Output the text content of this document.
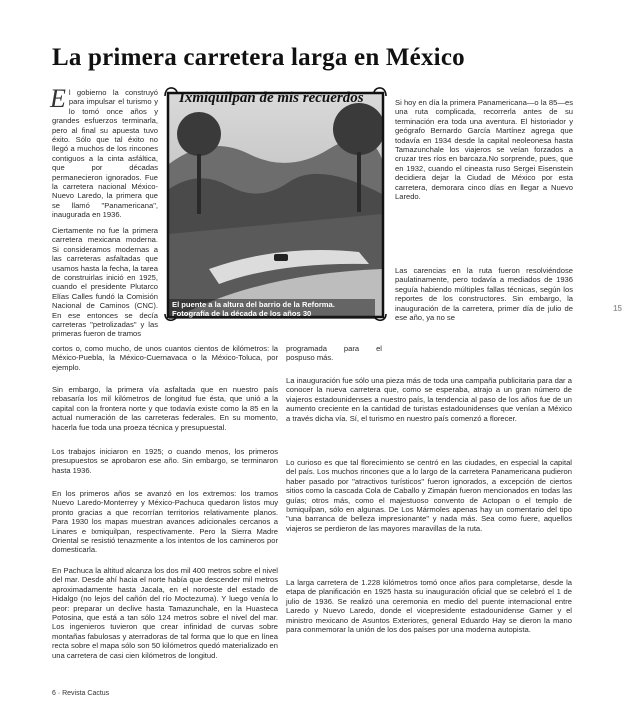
La primera carretera larga en México
E l gobierno la construyó para impulsar el turismo y lo tomó once años y grandes esfuerzos terminarla, pero al final su apuesta tuvo éxito. Sólo que tal éxito no llegó a muchos de los rincones contiguos a la cinta asfáltica, que por décadas permanecieron ignorados. Fue la carretera nacional México-Nuevo Laredo, la primera que se llamó "Panamericana", inaugurada en 1936.
Ciertamente no fue la primera carretera mexicana moderna. Si consideramos modernas a las carreteras asfaltadas que usamos hasta la fecha, la tarea de construirlas inició en 1925, cuando el presidente Plutarco Elías Calles fundó la Comisión Nacional de Caminos (CNC). En ese entonces se decía carreteras "petrolizadas" y las primeras fueron de tramos
Ixmiquilpan de mis recuerdos
El puente a la altura del barrio de la Reforma. Fotografía de la década de los años 30
programada para el pospuso más.
Si hoy en día la primera Panamericana—o la 85—es una ruta complicada, recorrerla antes de su terminación era toda una aventura. El historiador y geógrafo Bernardo García Martínez agrega que todavía en 1934 desde la capital neoleonesa hasta Tamazunchale los viajeros se veían forzados a cruzar tres ríos en barcaza.No sorprende, pues, que en 1932, cuando el cineasta ruso Sergei Eisenstein decidiera dejar la Ciudad de México por esta carretera, demorara cinco días en llegar a Nuevo Laredo.
Las carencias en la ruta fueron resolviéndose paulatinamente, pero todavía a mediados de 1936 seguía habiendo múltiples fallas técnicas, según los reportes de los constructores. Sin embargo, la inauguración de la carretera, primer día de julio de ese año, ya no se
cortos o, como mucho, de unos cuantos cientos de kilómetros: la México-Puebla, la México-Cuernavaca o la México-Toluca, por ejemplo.
Sin embargo, la primera vía asfaltada que en nuestro país rebasaría los mil kilómetros de longitud fue ésta, que unió a la capital con la frontera norte y que todavía existe como la 85 en la actual numeración de las carreteras federales. En su momento, hacerla fue toda una proeza técnica y presupuestal.
Los trabajos iniciaron en 1925; o cuando menos, los primeros presupuestos se aprobaron ese año. Sin embargo, se terminaron hasta 1936.
En los primeros años se avanzó en los extremos: los tramos Nuevo Laredo-Monterrey y México-Pachuca quedaron listos muy pronto gracias a que recorrían territorios relativamente planos. Para 1930 los mapas muestran avances adicionales cercanos a Linares e Ixmiquilpan, respectivamente. Pero la Sierra Madre Oriental se resistió tenazmente a los intentos de los camineros por domesticarla.
En Pachuca la altitud alcanza los dos mil 400 metros sobre el nivel del mar. Desde ahí hacia el norte había que descender mil metros aproximadamente hasta Jacala, en el noroeste del estado de Hidalgo (no lejos del cañón del río Moctezuma). Y luego venía lo peor: preparar un declive hasta Tamazunchale, en la Huasteca Potosina, que está a tan sólo 124 metros sobre el nivel del mar. Los ingenieros tuvieron que crear infinidad de curvas sobre montañas fabulosas y aterradoras de tal forma que lo que en línea recta sobre el mapa sólo son 50 kilómetros quedó materializado en una carretera de casi cien kilómetros de longitud.
La inauguración fue sólo una pieza más de toda una campaña publicitaria para dar a conocer la nueva carretera que, como se esperaba, atrajo a un gran número de viajeros estadounidenses a nuestro país, la tendencia al paso de los años fue de un aumento creciente en la cantidad de turistas estadounidenses que venían a México a través dicha vía. Sí, el turismo en nuestro país comenzó a florecer.
Lo curioso es que tal florecimiento se centró en las ciudades, en especial la capital del país. Los muchos rincones que a lo largo de la carretera Panamericana pudieron haber pasado por "atractivos turísticos" fueron ignorados, a excepción de ciertos sitios como la cascada Cola de Caballo y Zimapán fueron mencionados en todas las guías; otros más, como el majestuoso convento de Actopan o el templo de Ixmiquilpan, sólo en algunas. De Los Mármoles apenas hay un comentario del tipo "una barranca de belleza impresionante" y nada más. Sea como fuere, aquellos viajeros se perdieron de las mayores maravillas de la ruta.
La larga carretera de 1.228 kilómetros tomó once años para completarse, desde la etapa de planificación en 1925 hasta su inauguración oficial que se celebró el 1 de julio de 1936. Se realizó una ceremonia en medio del puente internacional entre Laredo y Nuevo Laredo, donde el vicepresidente estadounidense Garner y el ministro mexicano de Asuntos Exteriores, general Eduardo Hay se dieron la mano para conmemorar la unión de los dos países por una moderna autopista.
15
6 · Revista Cactus
